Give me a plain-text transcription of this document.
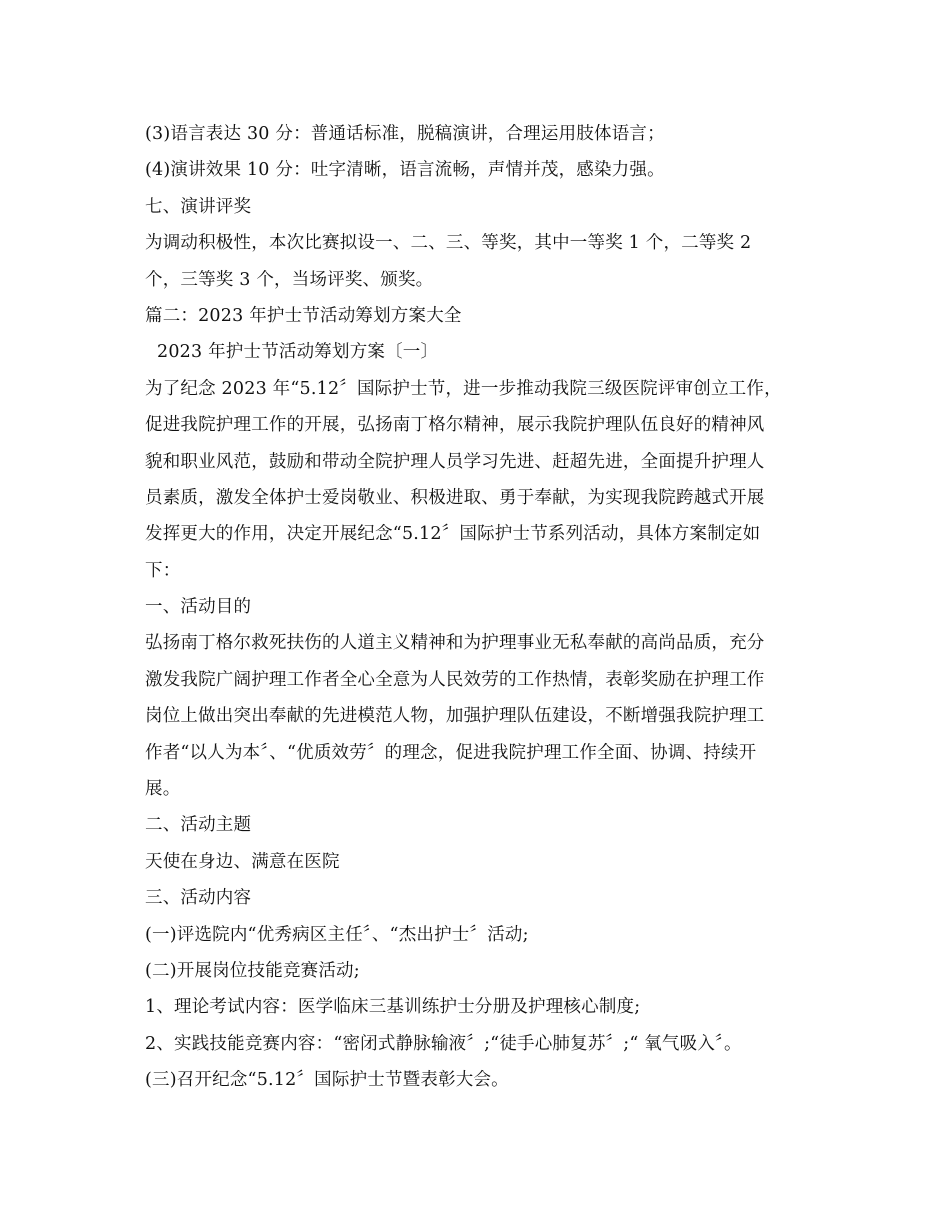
(3)语言表达 30 分：普通话标准，脱稿演讲，合理运用肢体语言；
(4)演讲效果 10 分：吐字清晰，语言流畅，声情并茂，感染力强。
七、演讲评奖
为调动积极性，本次比赛拟设一、二、三、等奖，其中一等奖 1 个，二等奖 2
个，三等奖 3 个，当场评奖、颁奖。
篇二：2023 年护士节活动筹划方案大全
2023 年护士节活动筹划方案〔一〕
为了纪念 2023 年“5.12〞国际护士节，进一步推动我院三级医院评审创立工作，
促进我院护理工作的开展，弘扬南丁格尔精神，展示我院护理队伍良好的精神风
貌和职业风范，鼓励和带动全院护理人员学习先进、赶超先进，全面提升护理人
员素质，激发全体护士爱岗敬业、积极进取、勇于奉献，为实现我院跨越式开展
发挥更大的作用，决定开展纪念“5.12〞国际护士节系列活动，具体方案制定如
下：
一、活动目的
弘扬南丁格尔救死扶伤的人道主义精神和为护理事业无私奉献的高尚品质，充分
激发我院广阔护理工作者全心全意为人民效劳的工作热情，表彰奖励在护理工作
岗位上做出突出奉献的先进模范人物，加强护理队伍建设，不断增强我院护理工
作者“以人为本〞、“优质效劳〞的理念，促进我院护理工作全面、协调、持续开
展。
二、活动主题
天使在身边、满意在医院
三、活动内容
(一)评选院内“优秀病区主任〞、“杰出护士〞活动;
(二)开展岗位技能竞赛活动;
1、理论考试内容：医学临床三基训练护士分册及护理核心制度;
2、实践技能竞赛内容：“密闭式静脉输液〞;“徒手心肺复苏〞;“ 氧气吸入〞。
(三)召开纪念“5.12〞国际护士节暨表彰大会。
